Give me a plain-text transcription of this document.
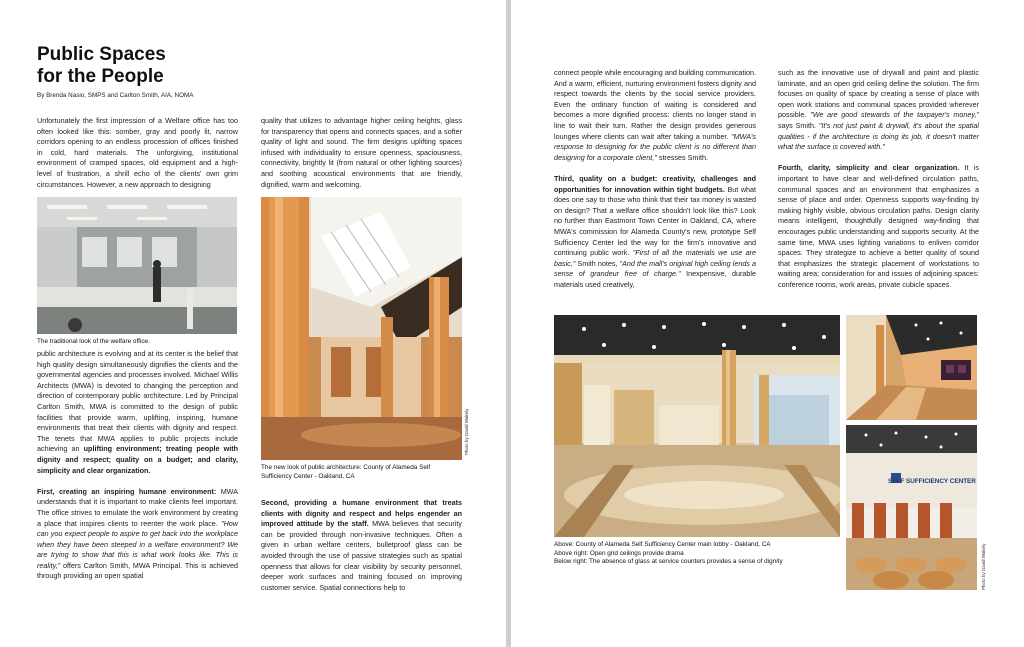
Public Spaces
for the People
By Brenda Nasio, SMPS and Carlton Smith, AIA, NOMA

Unfortunately the first impression of a Welfare office has too often looked like this: somber, gray and poorly lit, narrow corridors opening to an endless procession of offices finished in cold, hard materials. The unforgiving, institutional environment of cramped spaces, old equipment and a high-level of frustration, a shrill echo of the clients' own grim circumstances. However, a new approach to designing

quality that utilizes to advantage higher ceiling heights, glass for transparency that opens and connects spaces, and a softer quality of light and sound. The firm designs uplifting spaces infused with individuality to ensure openness, spaciousness, connectivity, brightly lit (from natural or other lighting sources) and soothing acoustical environments that are friendly, dignified, warm and welcoming.

The traditional look of the welfare office.
Photo by David Wakely
The new look of public architecture: County of Alameda Self Sufficiency Center - Oakland, CA

public architecture is evolving and at its center is the belief that high quality design simultaneously dignifies the clients and the governmental agencies and processes involved. Michael Willis Architects (MWA) is devoted to changing the perception and direction of contemporary public architecture. Led by Principal Carlton Smith, MWA is committed to the design of public facilities that provide warm, uplifting, inspiring, humane environments that treat their clients with dignity and respect. The tenets that MWA applies to public projects include achieving an uplifting environment; treating people with dignity and respect; quality on a budget; and clarity, simplicity and clear organization.

First, creating an inspiring humane environment: MWA understands that it is important to make clients feel important. The office strives to emulate the work environment by creating a place that inspires clients to reenter the work place. "How can you expect people to aspire to get back into the workplace when they have been steeped in a welfare environment? We are trying to show that this is what work looks like. This is reality," offers Carlton Smith, MWA Principal. This is achieved through providing an open spatial

Second, providing a humane environment that treats clients with dignity and respect and helps engender an improved attitude by the staff. MWA believes that security can be provided through non-invasive techniques. Often a given in urban welfare centers, bulletproof glass can be avoided through the use of passive strategies such as spatial openness that allows for clear visibility by security personnel, deeper work surfaces and training focused on improving customer service. Spatial connections help to

connect people while encouraging and building communication. And a warm, efficient, nurturing environment fosters dignity and respect towards the clients by the social service providers. Even the ordinary function of waiting is considered and becomes a more dignified process: clients no longer stand in line to wait their turn. Rather the design provides generous lounges where clients can wait after taking a number. "MWA's response to designing for the public client is no different than designing for a corporate client," stresses Smith.

Third, quality on a budget: creativity, challenges and opportunities for innovation within tight budgets. But what does one say to those who think that their tax money is wasted on design? That a welfare office shouldn't look like this? Look no further than Eastmont Town Center in Oakland, CA, where MWA's commission for Alameda County's new, prototype Self Sufficiency Center led the way for the firm's innovative and continuing public work. "First of all the materials we use are basic," Smith notes, "And the mall's original high ceiling lends a sense of grandeur free of charge." Inexpensive, durable materials used creatively,

such as the innovative use of drywall and paint and plastic laminate, and an open grid ceiling define the solution. The firm focuses on quality of space by creating a sense of place with open work stations and communal spaces provided wherever possible. "We are good stewards of the taxpayer's money," says Smith. "It's not just paint & drywall, it's about the spatial qualities - if the architecture is doing its job, it doesn't matter what the surface is covered with."

Fourth, clarity, simplicity and clear organization. It is important to have clear and well-defined circulation paths, communal spaces and an environment that emphasizes a sense of place and order. Openness supports way-finding by making highly visible, obvious circulation paths. Design clarity means intelligent, thoughtfully designed way-finding that encourages public understanding and supports security. At the same time, MWA uses lighting variations to enliven corridor spaces. They strategize to achieve a better quality of sound that emphasizes the strategic placement of workstations to waiting area; consideration for and issues of adjoining spaces: conference rooms, work areas, private cubicle spaces.

SELF SUFFICIENCY CENTER
Photo by David Wakely
Above: County of Alameda Self Sufficiency Center main lobby - Oakland, CA
Above right: Open grid ceilings provide drama
Below right: The absence of glass at service counters provides a sense of dignity
